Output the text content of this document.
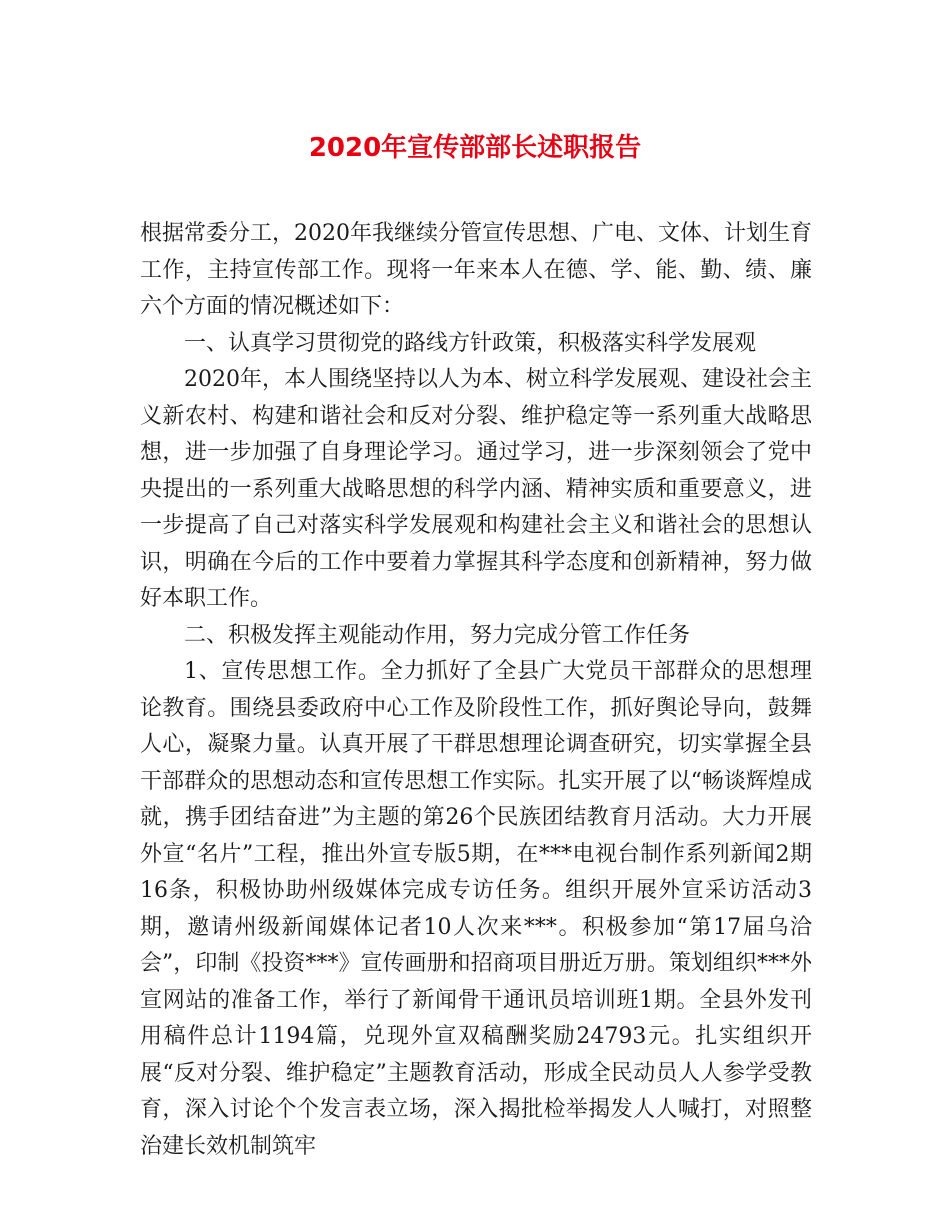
2020年宣传部部长述职报告

根据常委分工，2020年我继续分管宣传思想、广电、文体、计划生育工作，主持宣传部工作。现将一年来本人在德、学、能、勤、绩、廉六个方面的情况概述如下：

一、认真学习贯彻党的路线方针政策，积极落实科学发展观

2020年，本人围绕坚持以人为本、树立科学发展观、建设社会主义新农村、构建和谐社会和反对分裂、维护稳定等一系列重大战略思想，进一步加强了自身理论学习。通过学习，进一步深刻领会了党中央提出的一系列重大战略思想的科学内涵、精神实质和重要意义，进一步提高了自己对落实科学发展观和构建社会主义和谐社会的思想认识，明确在今后的工作中要着力掌握其科学态度和创新精神，努力做好本职工作。

二、积极发挥主观能动作用，努力完成分管工作任务

1、宣传思想工作。全力抓好了全县广大党员干部群众的思想理论教育。围绕县委政府中心工作及阶段性工作，抓好舆论导向，鼓舞人心，凝聚力量。认真开展了干群思想理论调查研究，切实掌握全县干部群众的思想动态和宣传思想工作实际。扎实开展了以“畅谈辉煌成就，携手团结奋进”为主题的第26个民族团结教育月活动。大力开展外宣“名片”工程，推出外宣专版5期，在***电视台制作系列新闻2期16条，积极协助州级媒体完成专访任务。组织开展外宣采访活动3期，邀请州级新闻媒体记者10人次来***。积极参加“第17届乌洽会”，印制《投资***》宣传画册和招商项目册近万册。策划组织***外宣网站的准备工作，举行了新闻骨干通讯员培训班1期。全县外发刊用稿件总计1194篇，兑现外宣双稿酬奖励24793元。扎实组织开展“反对分裂、维护稳定”主题教育活动，形成全民动员人人参学受教育，深入讨论个个发言表立场，深入揭批检举揭发人人喊打，对照整治建长效机制筑牢
